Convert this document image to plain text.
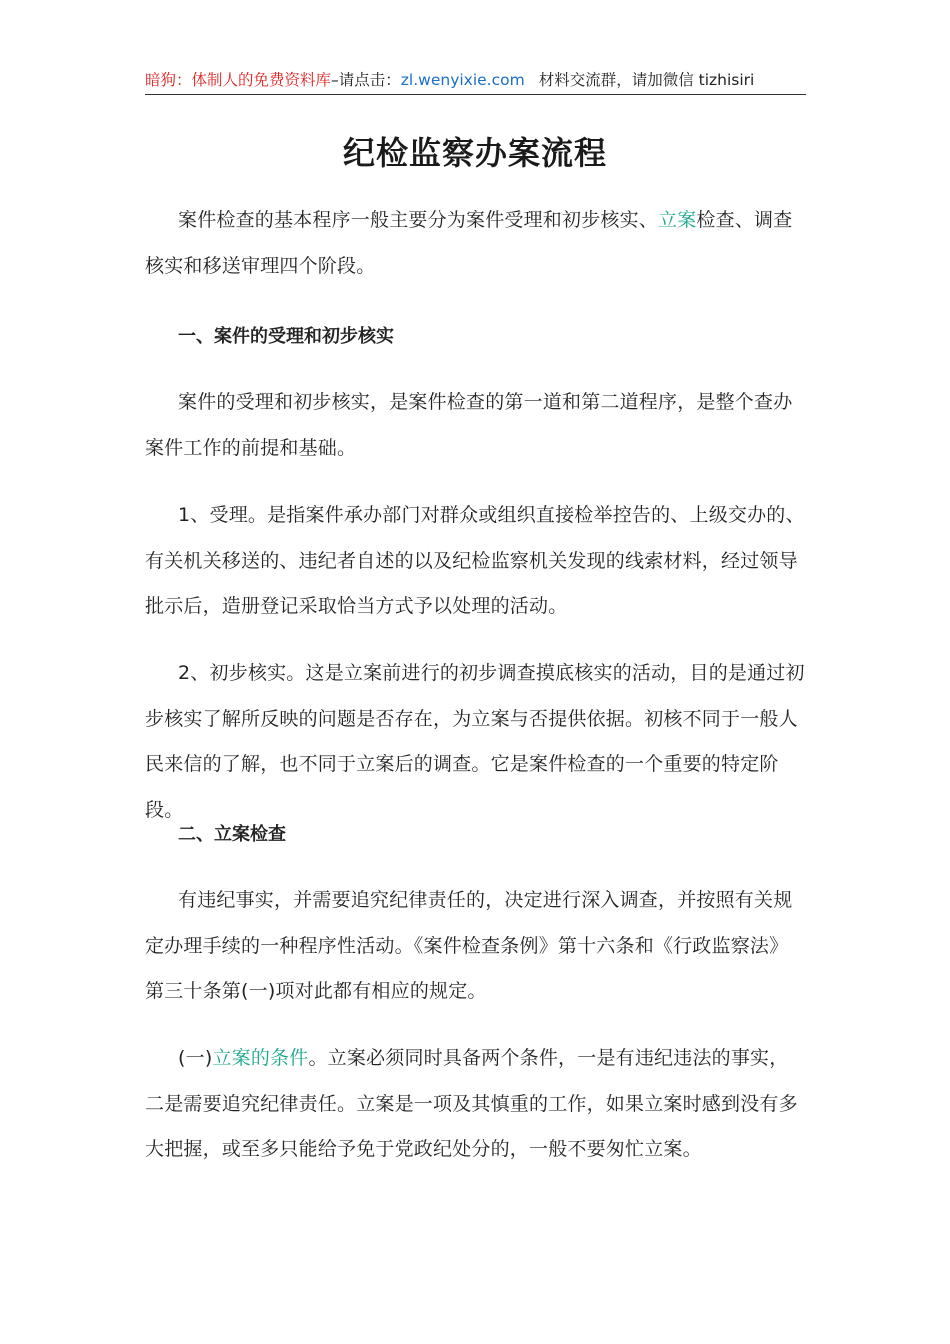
暗狗：体制人的免费资料库–请点击：zl.wenyixie.com 材料交流群，请加微信 tizhisiri
纪检监察办案流程
案件检查的基本程序一般主要分为案件受理和初步核实、立案检查、调查核实和移送审理四个阶段。
一、案件的受理和初步核实
案件的受理和初步核实，是案件检查的第一道和第二道程序，是整个查办案件工作的前提和基础。
1、受理。是指案件承办部门对群众或组织直接检举控告的、上级交办的、有关机关移送的、违纪者自述的以及纪检监察机关发现的线索材料，经过领导批示后，造册登记采取恰当方式予以处理的活动。
2、初步核实。这是立案前进行的初步调查摸底核实的活动，目的是通过初步核实了解所反映的问题是否存在，为立案与否提供依据。初核不同于一般人民来信的了解，也不同于立案后的调查。它是案件检查的一个重要的特定阶段。
二、立案检查
有违纪事实，并需要追究纪律责任的，决定进行深入调查，并按照有关规定办理手续的一种程序性活动。《案件检查条例》第十六条和《行政监察法》第三十条第(一)项对此都有相应的规定。
(一)立案的条件。立案必须同时具备两个条件，一是有违纪违法的事实，二是需要追究纪律责任。立案是一项及其慎重的工作，如果立案时感到没有多大把握，或至多只能给予免于党政纪处分的，一般不要匆忙立案。
